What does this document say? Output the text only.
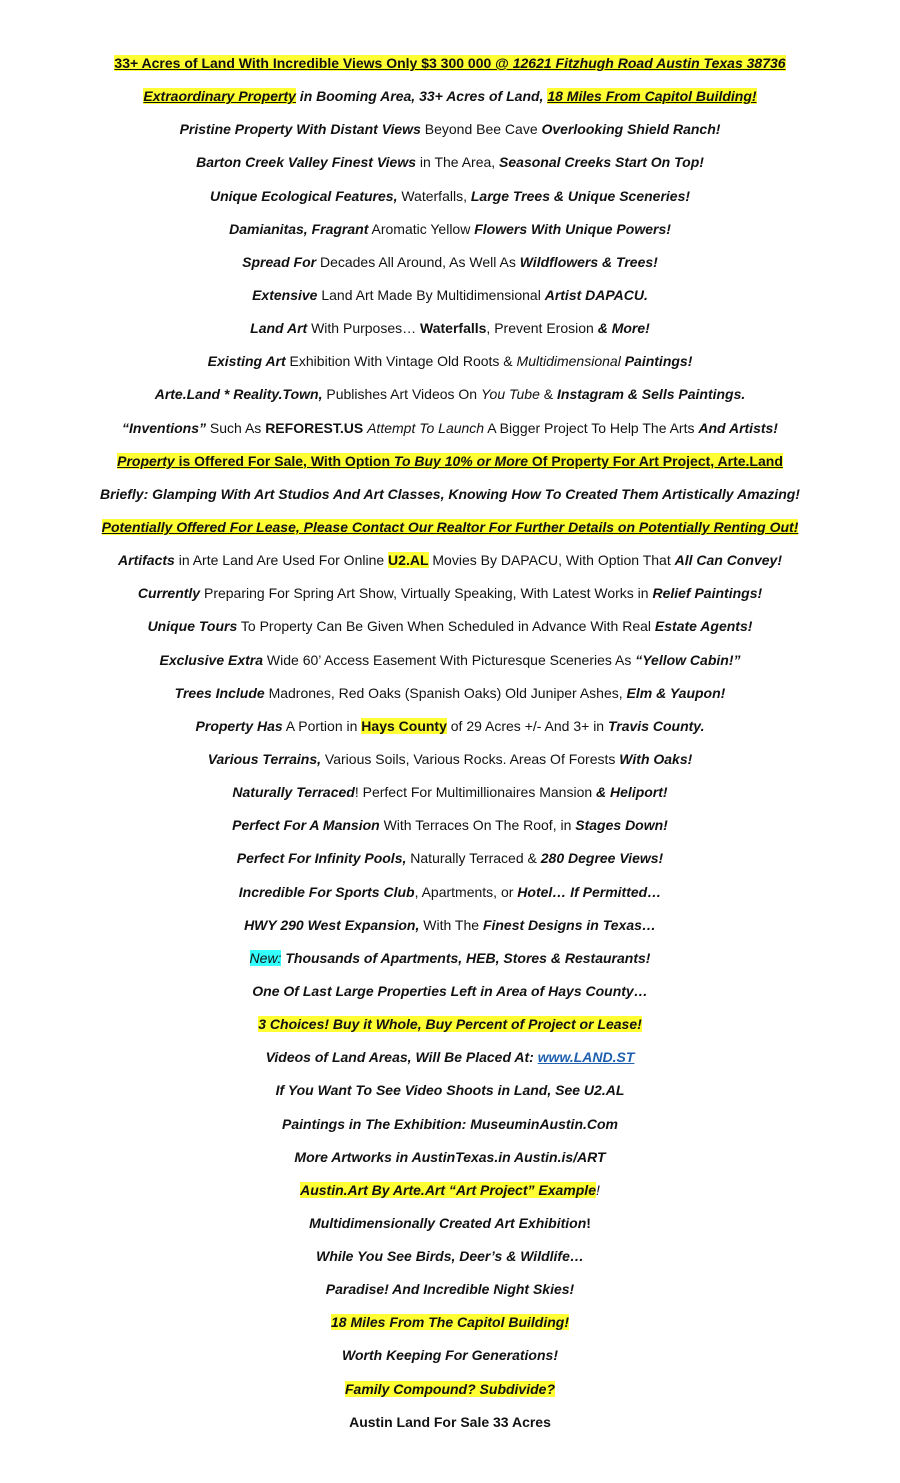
33+ Acres of Land With Incredible Views Only $3 300 000 @ 12621 Fitzhugh Road Austin Texas 38736
Extraordinary Property in Booming Area, 33+ Acres of Land, 18 Miles From Capitol Building!
Pristine Property With Distant Views Beyond Bee Cave Overlooking Shield Ranch!
Barton Creek Valley Finest Views in The Area, Seasonal Creeks Start On Top!
Unique Ecological Features, Waterfalls, Large Trees & Unique Sceneries!
Damianitas, Fragrant Aromatic Yellow Flowers With Unique Powers!
Spread For Decades All Around, As Well As Wildflowers & Trees!
Extensive Land Art Made By Multidimensional Artist DAPACU.
Land Art With Purposes… Waterfalls, Prevent Erosion & More!
Existing Art Exhibition With Vintage Old Roots & Multidimensional Paintings!
Arte.Land * Reality.Town, Publishes Art Videos On You Tube & Instagram & Sells Paintings.
“Inventions” Such As REFOREST.US Attempt To Launch A Bigger Project To Help The Arts And Artists!
Property is Offered For Sale, With Option To Buy 10% or More Of Property For Art Project, Arte.Land
Briefly: Glamping With Art Studios And Art Classes, Knowing How To Created Them Artistically Amazing!
Potentially Offered For Lease, Please Contact Our Realtor For Further Details on Potentially Renting Out!
Artifacts in Arte Land Are Used For Online U2.AL Movies By DAPACU, With Option That All Can Convey!
Currently Preparing For Spring Art Show, Virtually Speaking, With Latest Works in Relief Paintings!
Unique Tours To Property Can Be Given When Scheduled in Advance With Real Estate Agents!
Exclusive Extra Wide 60’ Access Easement With Picturesque Sceneries As “Yellow Cabin!”
Trees Include Madrones, Red Oaks (Spanish Oaks) Old Juniper Ashes, Elm & Yaupon!
Property Has A Portion in Hays County of 29 Acres +/- And 3+ in Travis County.
Various Terrains, Various Soils, Various Rocks. Areas Of Forests With Oaks!
Naturally Terraced! Perfect For Multimillionaires Mansion & Heliport!
Perfect For A Mansion With Terraces On The Roof, in Stages Down!
Perfect For Infinity Pools, Naturally Terraced & 280 Degree Views!
Incredible For Sports Club, Apartments, or Hotel… If Permitted…
HWY 290 West Expansion, With The Finest Designs in Texas…
New: Thousands of Apartments, HEB, Stores & Restaurants!
One Of Last Large Properties Left in Area of Hays County…
3 Choices! Buy it Whole, Buy Percent of Project or Lease!
Videos of Land Areas, Will Be Placed At: www.LAND.ST
If You Want To See Video Shoots in Land, See U2.AL
Paintings in The Exhibition: MuseuminAustin.Com
More Artworks in AustinTexas.in Austin.is/ART
Austin.Art By Arte.Art “Art Project” Example!
Multidimensionally Created Art Exhibition!
While You See Birds, Deer’s & Wildlife…
Paradise! And Incredible Night Skies!
18 Miles From The Capitol Building!
Worth Keeping For Generations!
Family Compound? Subdivide?
Austin Land For Sale 33 Acres
